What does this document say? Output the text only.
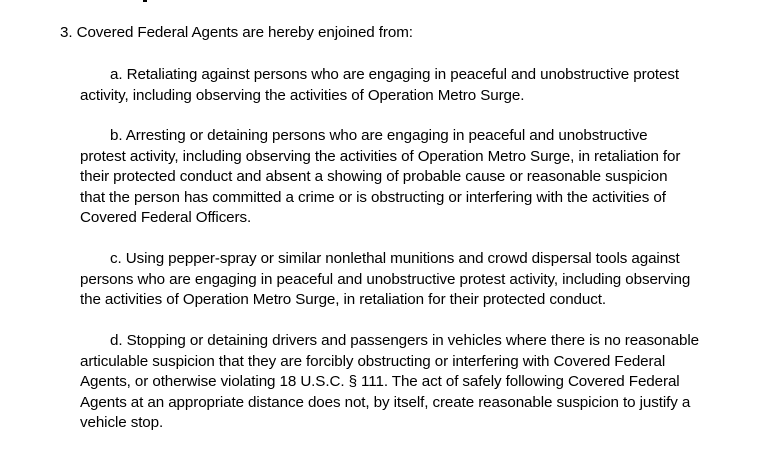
3. Covered Federal Agents are hereby enjoined from:
a. Retaliating against persons who are engaging in peaceful and unobstructive protest
activity, including observing the activities of Operation Metro Surge.
b. Arresting or detaining persons who are engaging in peaceful and unobstructive
protest activity, including observing the activities of Operation Metro Surge, in retaliation for
their protected conduct and absent a showing of probable cause or reasonable suspicion
that the person has committed a crime or is obstructing or interfering with the activities of
Covered Federal Officers.
c. Using pepper-spray or similar nonlethal munitions and crowd dispersal tools against
persons who are engaging in peaceful and unobstructive protest activity, including observing
the activities of Operation Metro Surge, in retaliation for their protected conduct.
d. Stopping or detaining drivers and passengers in vehicles where there is no reasonable
articulable suspicion that they are forcibly obstructing or interfering with Covered Federal
Agents, or otherwise violating 18 U.S.C. § 111. The act of safely following Covered Federal
Agents at an appropriate distance does not, by itself, create reasonable suspicion to justify a
vehicle stop.
